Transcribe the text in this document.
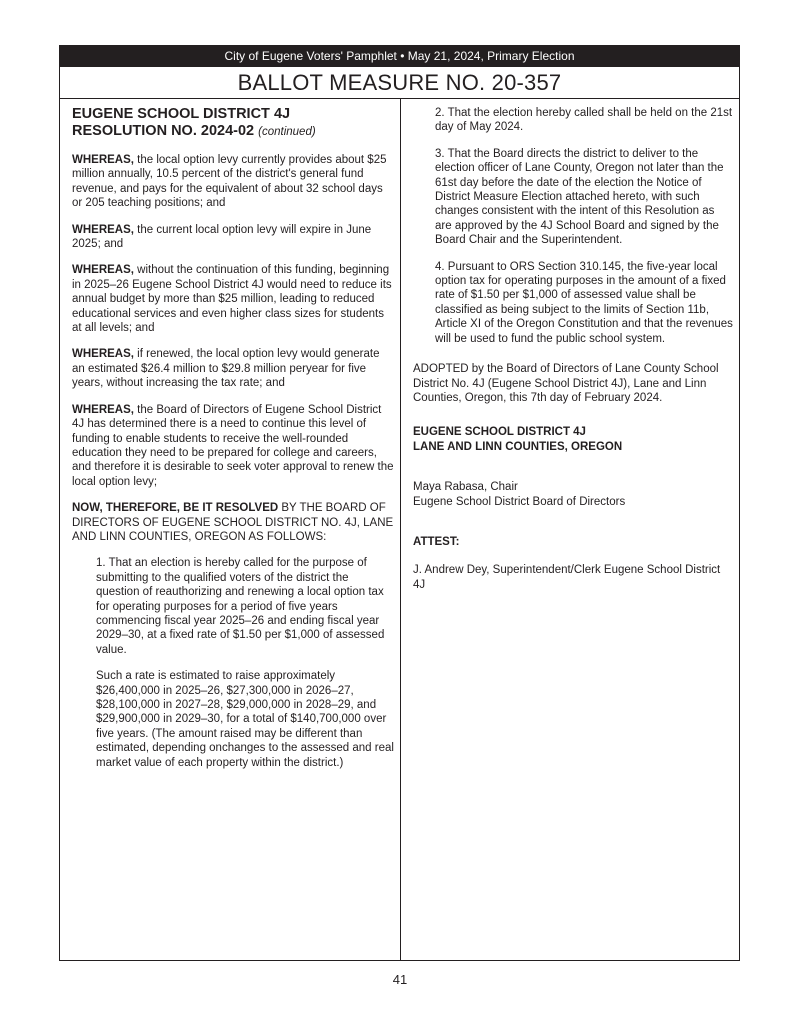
City of Eugene Voters' Pamphlet • May 21, 2024, Primary Election
BALLOT MEASURE NO. 20-357
EUGENE SCHOOL DISTRICT 4J
RESOLUTION NO. 2024-02 (continued)

WHEREAS, the local option levy currently provides about $25 million annually, 10.5 percent of the district's general fund revenue, and pays for the equivalent of about 32 school days or 205 teaching positions; and

WHEREAS, the current local option levy will expire in June 2025; and

WHEREAS, without the continuation of this funding, beginning in 2025–26 Eugene School District 4J would need to reduce its annual budget by more than $25 million, leading to reduced educational services and even higher class sizes for students at all levels; and

WHEREAS, if renewed, the local option levy would generate an estimated $26.4 million to $29.8 million peryear for five years, without increasing the tax rate; and

WHEREAS, the Board of Directors of Eugene School District 4J has determined there is a need to continue this level of funding to enable students to receive the well-rounded education they need to be prepared for college and careers, and therefore it is desirable to seek voter approval to renew the local option levy;

NOW, THEREFORE, BE IT RESOLVED BY THE BOARD OF DIRECTORS OF EUGENE SCHOOL DISTRICT NO. 4J, LANE AND LINN COUNTIES, OREGON AS FOLLOWS:

1. That an election is hereby called for the purpose of submitting to the qualified voters of the district the question of reauthorizing and renewing a local option tax for operating purposes for a period of five years commencing fiscal year 2025–26 and ending fiscal year 2029–30, at a fixed rate of $1.50 per $1,000 of assessed value.

Such a rate is estimated to raise approximately $26,400,000 in 2025–26, $27,300,000 in 2026–27, $28,100,000 in 2027–28, $29,000,000 in 2028–29, and $29,900,000 in 2029–30, for a total of $140,700,000 over five years. (The amount raised may be different than estimated, depending onchanges to the assessed and real market value of each property within the district.)

2. That the election hereby called shall be held on the 21st day of May 2024.

3. That the Board directs the district to deliver to the election officer of Lane County, Oregon not later than the 61st day before the date of the election the Notice of District Measure Election attached hereto, with such changes consistent with the intent of this Resolution as are approved by the 4J School Board and signed by the Board Chair and the Superintendent.

4. Pursuant to ORS Section 310.145, the five-year local option tax for operating purposes in the amount of a fixed rate of $1.50 per $1,000 of assessed value shall be classified as being subject to the limits of Section 11b, Article XI of the Oregon Constitution and that the revenues will be used to fund the public school system.

ADOPTED by the Board of Directors of Lane County School District No. 4J (Eugene School District 4J), Lane and Linn Counties, Oregon, this 7th day of February 2024.

EUGENE SCHOOL DISTRICT 4J
LANE AND LINN COUNTIES, OREGON
Maya Rabasa, Chair
Eugene School District Board of Directors
ATTEST:

J. Andrew Dey, Superintendent/Clerk Eugene School District 4J

41
